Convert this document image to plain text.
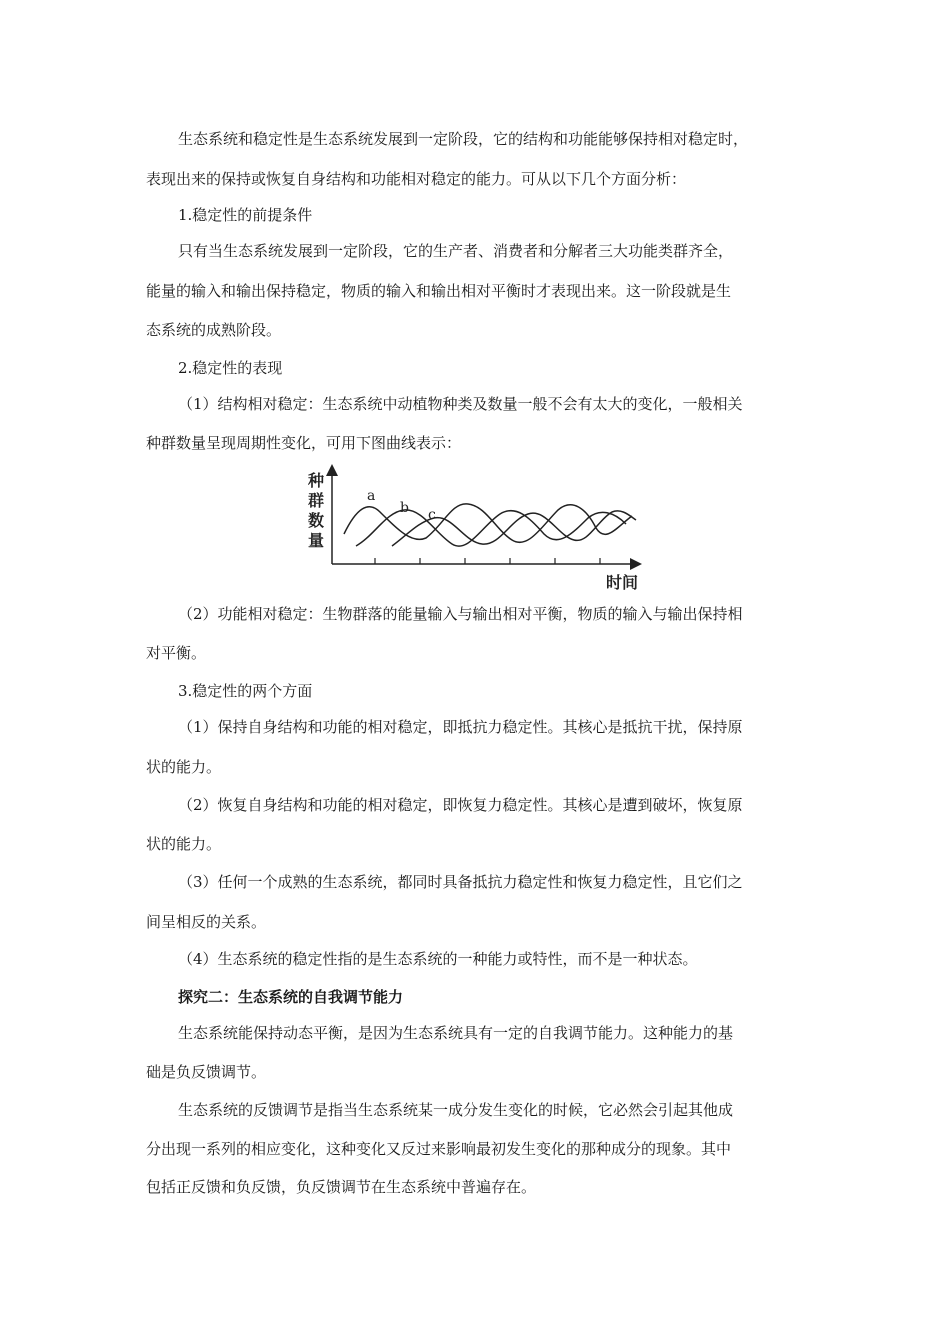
生态系统和稳定性是生态系统发展到一定阶段，它的结构和功能能够保持相对稳定时，
表现出来的保持或恢复自身结构和功能相对稳定的能力。可从以下几个方面分析：
1.稳定性的前提条件
只有当生态系统发展到一定阶段，它的生产者、消费者和分解者三大功能类群齐全，
能量的输入和输出保持稳定，物质的输入和输出相对平衡时才表现出来。这一阶段就是生
态系统的成熟阶段。
2.稳定性的表现
（1）结构相对稳定：生态系统中动植物种类及数量一般不会有太大的变化，一般相关
种群数量呈现周期性变化，可用下图曲线表示：
a
b c
种
群
数
量
时间
（2）功能相对稳定：生物群落的能量输入与输出相对平衡，物质的输入与输出保持相
对平衡。
3.稳定性的两个方面
（1）保持自身结构和功能的相对稳定，即抵抗力稳定性。其核心是抵抗干扰，保持原
状的能力。
（2）恢复自身结构和功能的相对稳定，即恢复力稳定性。其核心是遭到破坏，恢复原
状的能力。
（3）任何一个成熟的生态系统，都同时具备抵抗力稳定性和恢复力稳定性，且它们之
间呈相反的关系。
（4）生态系统的稳定性指的是生态系统的一种能力或特性，而不是一种状态。
探究二：生态系统的自我调节能力
生态系统能保持动态平衡，是因为生态系统具有一定的自我调节能力。这种能力的基
础是负反馈调节。
生态系统的反馈调节是指当生态系统某一成分发生变化的时候，它必然会引起其他成
分出现一系列的相应变化，这种变化又反过来影响最初发生变化的那种成分的现象。其中
包括正反馈和负反馈，负反馈调节在生态系统中普遍存在。
